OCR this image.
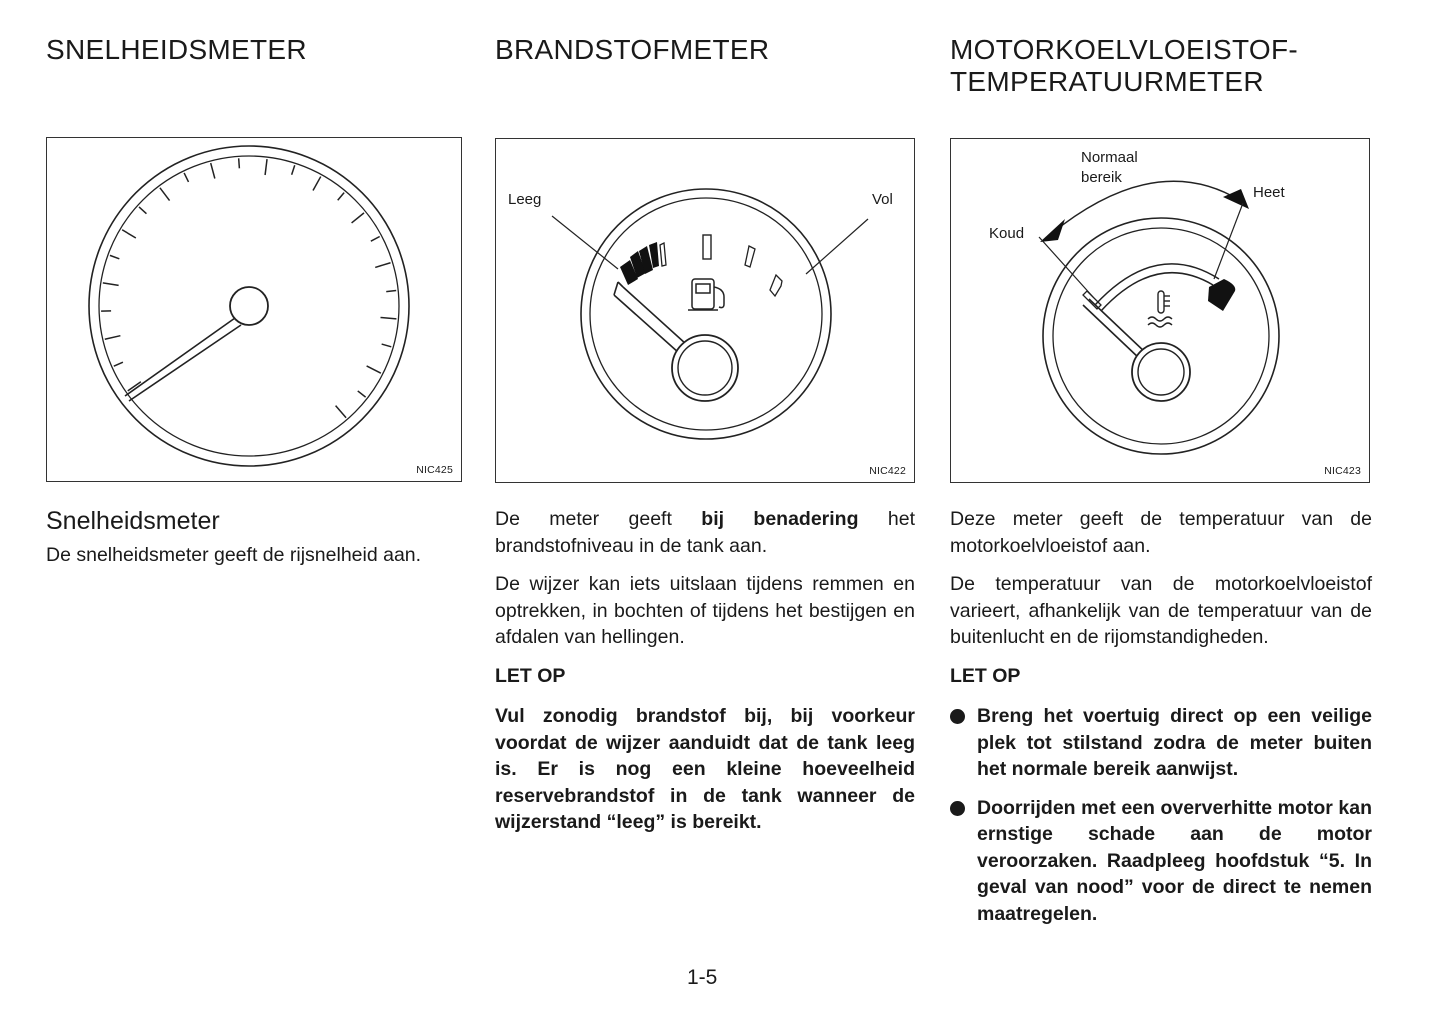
SNELHEIDSMETER
NIC425
Snelheidsmeter

De snelheidsmeter geeft de rijsnelheid aan.

BRANDSTOFMETER
Leeg	Vol
NIC422

De meter geeft bij benadering het brandstofniveau in de tank aan.

De wijzer kan iets uitslaan tijdens remmen en optrekken, in bochten of tijdens het bestijgen en afdalen van hellingen.

LET OP

Vul zonodig brandstof bij, bij voorkeur voordat de wijzer aanduidt dat de tank leeg is. Er is nog een kleine hoeveelheid reservebrandstof in de tank wanneer de wijzerstand “leeg” is bereikt.

MOTORKOELVLOEISTOF-
TEMPERATUURMETER
Normaal
bereik
Heet
Koud
NIC423

Deze meter geeft de temperatuur van de motorkoelvloeistof aan.

De temperatuur van de motorkoelvloeistof varieert, afhankelijk van de temperatuur van de buitenlucht en de rijomstandigheden.

LET OP
Breng het voertuig direct op een veilige plek tot stilstand zodra de meter buiten het normale bereik aanwijst.
Doorrijden met een oververhitte motor kan ernstige schade aan de motor veroorzaken. Raadpleeg hoofdstuk “5. In geval van nood” voor de direct te nemen maatregelen.
1-5
